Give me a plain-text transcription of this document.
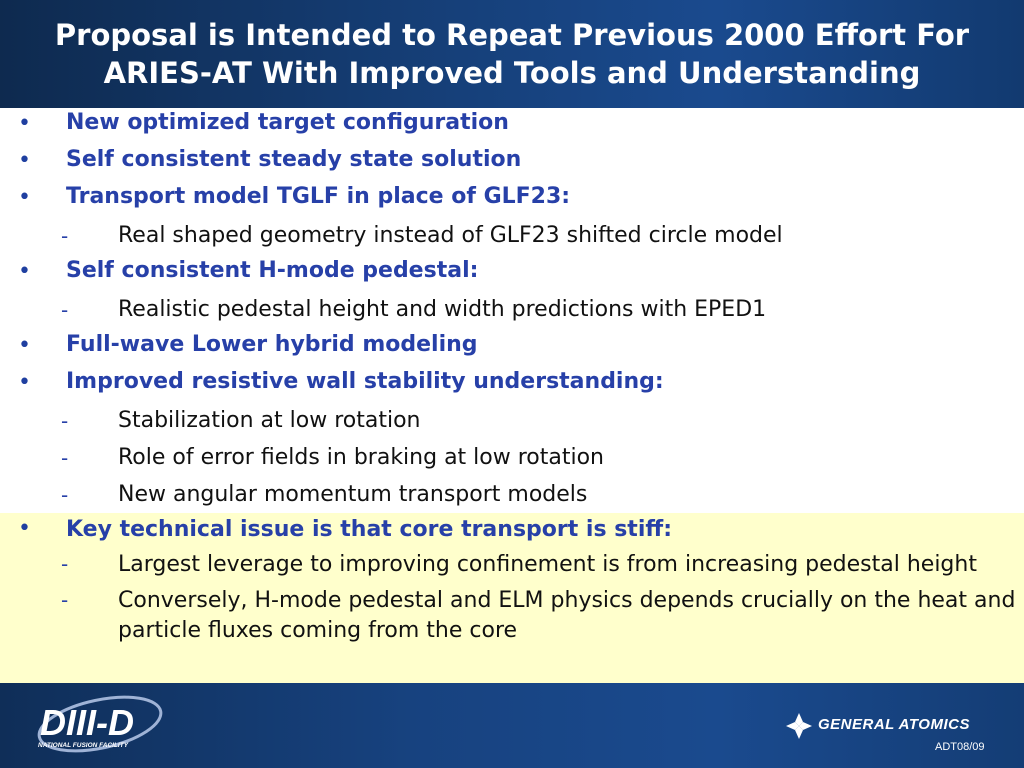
Proposal is Intended to Repeat Previous 2000 Effort For ARIES-AT With Improved Tools and Understanding
• New optimized target configuration
• Self consistent steady state solution
• Transport model TGLF in place of GLF23:
- Real shaped geometry instead of GLF23 shifted circle model
• Self consistent H-mode pedestal:
- Realistic pedestal height and width predictions with EPED1
• Full-wave Lower hybrid modeling
• Improved resistive wall stability understanding:
- Stabilization at low rotation
- Role of error fields in braking at low rotation
- New angular momentum transport models
• Key technical issue is that core transport is stiff:
- Largest leverage to improving confinement is from increasing pedestal height
- Conversely, H-mode pedestal and ELM physics depends crucially on the heat and particle fluxes coming from the core
DIII-D
NATIONAL FUSION FACILITY
GENERAL ATOMICS
ADT08/09
